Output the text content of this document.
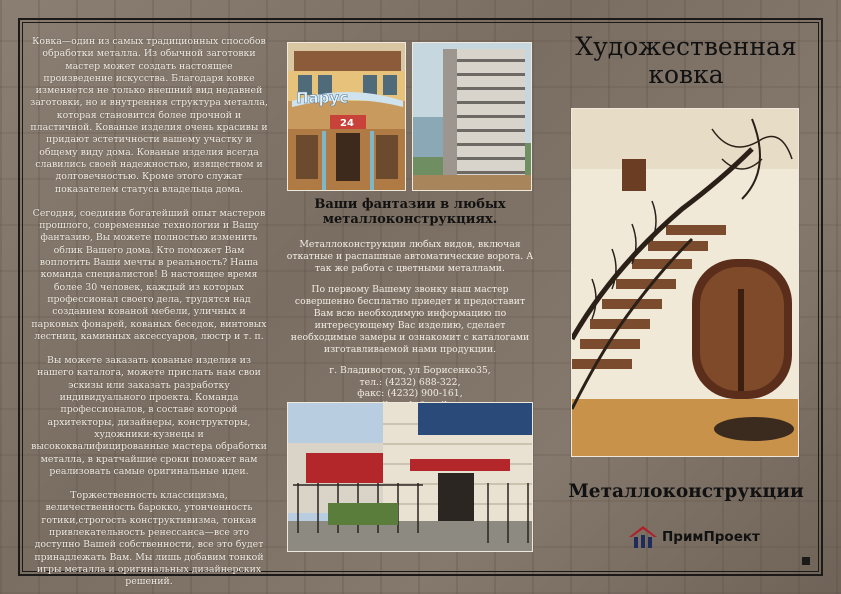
Ковка—один из самых традиционных способов обработки металла. Из обычной заготовки мастер может создать настоящее произведение искусства. Благодаря ковке изменяется не только внешний вид недавней заготовки, но и внутренняя структура металла, которая становится более прочной и пластичной. Кованые изделия очень красивы и придают эстетичности вашему участку и общему виду дома. Кованые изделия всегда славились своей надежностью, изяществом и долговечностью. Кроме этого служат показателем статуса владельца дома.

Сегодня, соединив богатейший опыт мастеров прошлого, современные технологии и Вашу фантазию, Вы можете полностью изменить облик Вашего дома. Кто поможет Вам воплотить Ваши мечты в реальность? Наша команда специалистов! В настоящее время более 30 человек, каждый из которых профессионал своего дела, трудятся над созданием кованой мебели, уличных и парковых фонарей, кованых беседок, винтовых лестниц, каминных аксессуаров, люстр и т. п.

Вы можете заказать кованые изделия из нашего каталога, можете прислать нам свои эскизы или заказать разработку индивидуального проекта. Команда профессионалов, в составе которой архитекторы, дизайнеры, конструкторы, художники-кузнецы и высококвалифицированные мастера обработки металла, в кратчайшие сроки поможет вам реализовать самые оригинальные идеи.

Торжественность классицизма, величественность барокко, утонченность готики,строгость конструктивизма, тонкая привлекательность ренессанса—все это доступно Вашей собственности, все это будет принадлежать Вам. Мы лишь добавим тонкой игры металла и оригинальных дизайнерских решений.

Парус
24
Ваши фантазии в любых металлоконструкциях.

Металлоконструкции любых видов, включая откатные и распашные автоматические ворота. А так же работа с цветными металлами.

По первому Вашему звонку наш мастер совершенно бесплатно приедет и предоставит Вам всю необходимую информацию по интересующему Вас изделию, сделает необходимые замеры и ознакомит с каталогами изготавливаемой нами продукции.

г. Владивосток, ул Борисенко35,
тел.: (4232) 688-322,
факс: (4232) 900-161,
Художественная
ковка
Металлоконструкции
ПримПроект
